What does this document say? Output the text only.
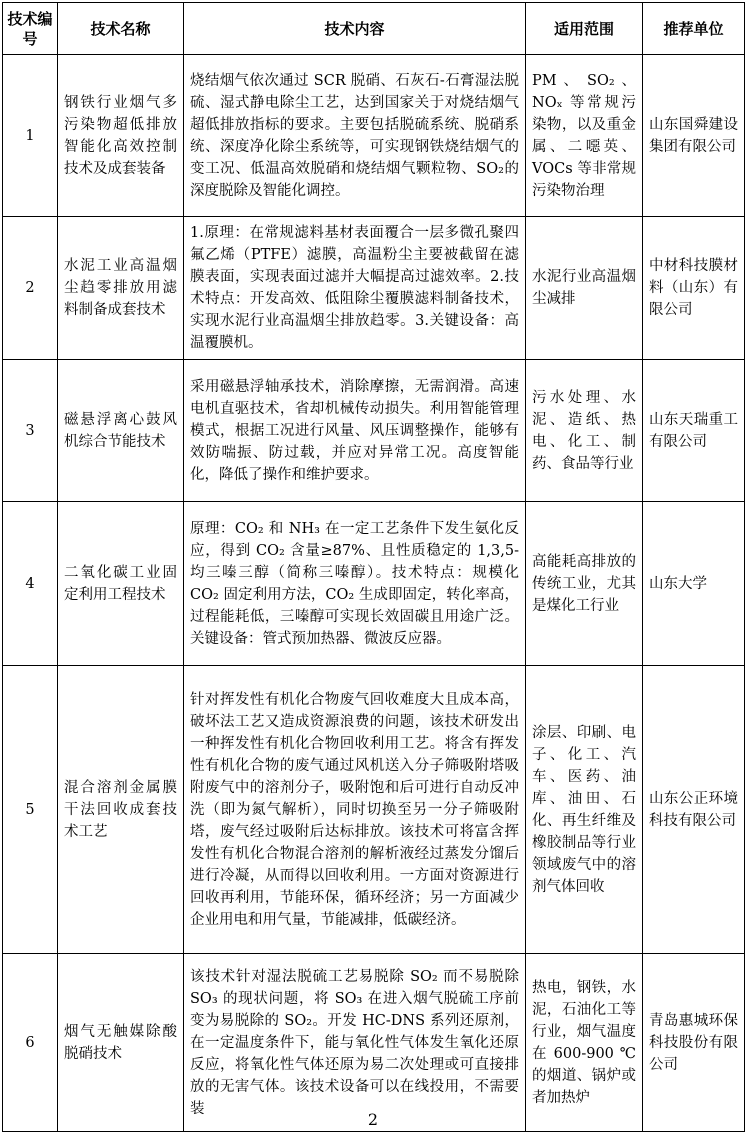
技术编号	技术名称	技术内容	适用范围	推荐单位
1	钢铁行业烟气多污染物超低排放智能化高效控制技术及成套装备	烧结烟气依次通过 SCR 脱硝、石灰石-石膏湿法脱硫、湿式静电除尘工艺，达到国家关于对烧结烟气超低排放指标的要求。主要包括脱硫系统、脱硝系统、深度净化除尘系统等，可实现钢铁烧结烟气的变工况、低温高效脱硝和烧结烟气颗粒物、SO₂的深度脱除及智能化调控。	PM 、 SO₂ 、NOₓ 等常规污染物，以及重金属、二噁英、VOCs 等非常规污染物治理	山东国舜建设集团有限公司
2	水泥工业高温烟尘趋零排放用滤料制备成套技术	1.原理：在常规滤料基材表面覆合一层多微孔聚四氟乙烯（PTFE）滤膜，高温粉尘主要被截留在滤膜表面，实现表面过滤并大幅提高过滤效率。2.技术特点：开发高效、低阻除尘覆膜滤料制备技术，实现水泥行业高温烟尘排放趋零。3.关键设备：高温覆膜机。	水泥行业高温烟尘减排	中材科技膜材料（山东）有限公司
3	磁悬浮离心鼓风机综合节能技术	采用磁悬浮轴承技术，消除摩擦，无需润滑。高速电机直驱技术，省却机械传动损失。利用智能管理模式，根据工况进行风量、风压调整操作，能够有效防喘振、防过载，并应对异常工况。高度智能化，降低了操作和维护要求。	污水处理、水泥、造纸、热电、化工、制药、食品等行业	山东天瑞重工有限公司
4	二氧化碳工业固定利用工程技术	原理：CO₂ 和 NH₃ 在一定工艺条件下发生氨化反应，得到 CO₂ 含量≥87%、且性质稳定的 1,3,5-均三嗪三醇（简称三嗪醇）。技术特点：规模化 CO₂ 固定利用方法，CO₂ 生成即固定，转化率高，过程能耗低，三嗪醇可实现长效固碳且用途广泛。关键设备：管式预加热器、微波反应器。	高能耗高排放的传统工业，尤其是煤化工行业	山东大学
5	混合溶剂金属膜干法回收成套技术工艺	针对挥发性有机化合物废气回收难度大且成本高，破坏法工艺又造成资源浪费的问题，该技术研发出一种挥发性有机化合物回收利用工艺。将含有挥发性有机化合物的废气通过风机送入分子筛吸附塔吸附废气中的溶剂分子，吸附饱和后可进行自动反冲洗（即为氮气解析），同时切换至另一分子筛吸附塔，废气经过吸附后达标排放。该技术可将富含挥发性有机化合物混合溶剂的解析液经过蒸发分馏后进行冷凝，从而得以回收利用。一方面对资源进行回收再利用，节能环保，循环经济；另一方面减少企业用电和用气量，节能减排，低碳经济。	涂层、印刷、电子、化工、汽车、医药、油库、油田、石化、再生纤维及橡胶制品等行业领域废气中的溶剂气体回收	山东公正环境科技有限公司
6	烟气无触媒除酸脱硝技术	该技术针对湿法脱硫工艺易脱除 SO₂ 而不易脱除 SO₃ 的现状问题，将 SO₃ 在进入烟气脱硫工序前变为易脱除的 SO₂。开发 HC-DNS 系列还原剂，在一定温度条件下，能与氧化性气体发生氧化还原反应，将氧化性气体还原为易二次处理或可直接排放的无害气体。该技术设备可以在线投用，不需要装	热电，钢铁，水泥，石油化工等行业，烟气温度在 600-900 ℃的烟道、锅炉或者加热炉	青岛惠城环保科技股份有限公司
2
